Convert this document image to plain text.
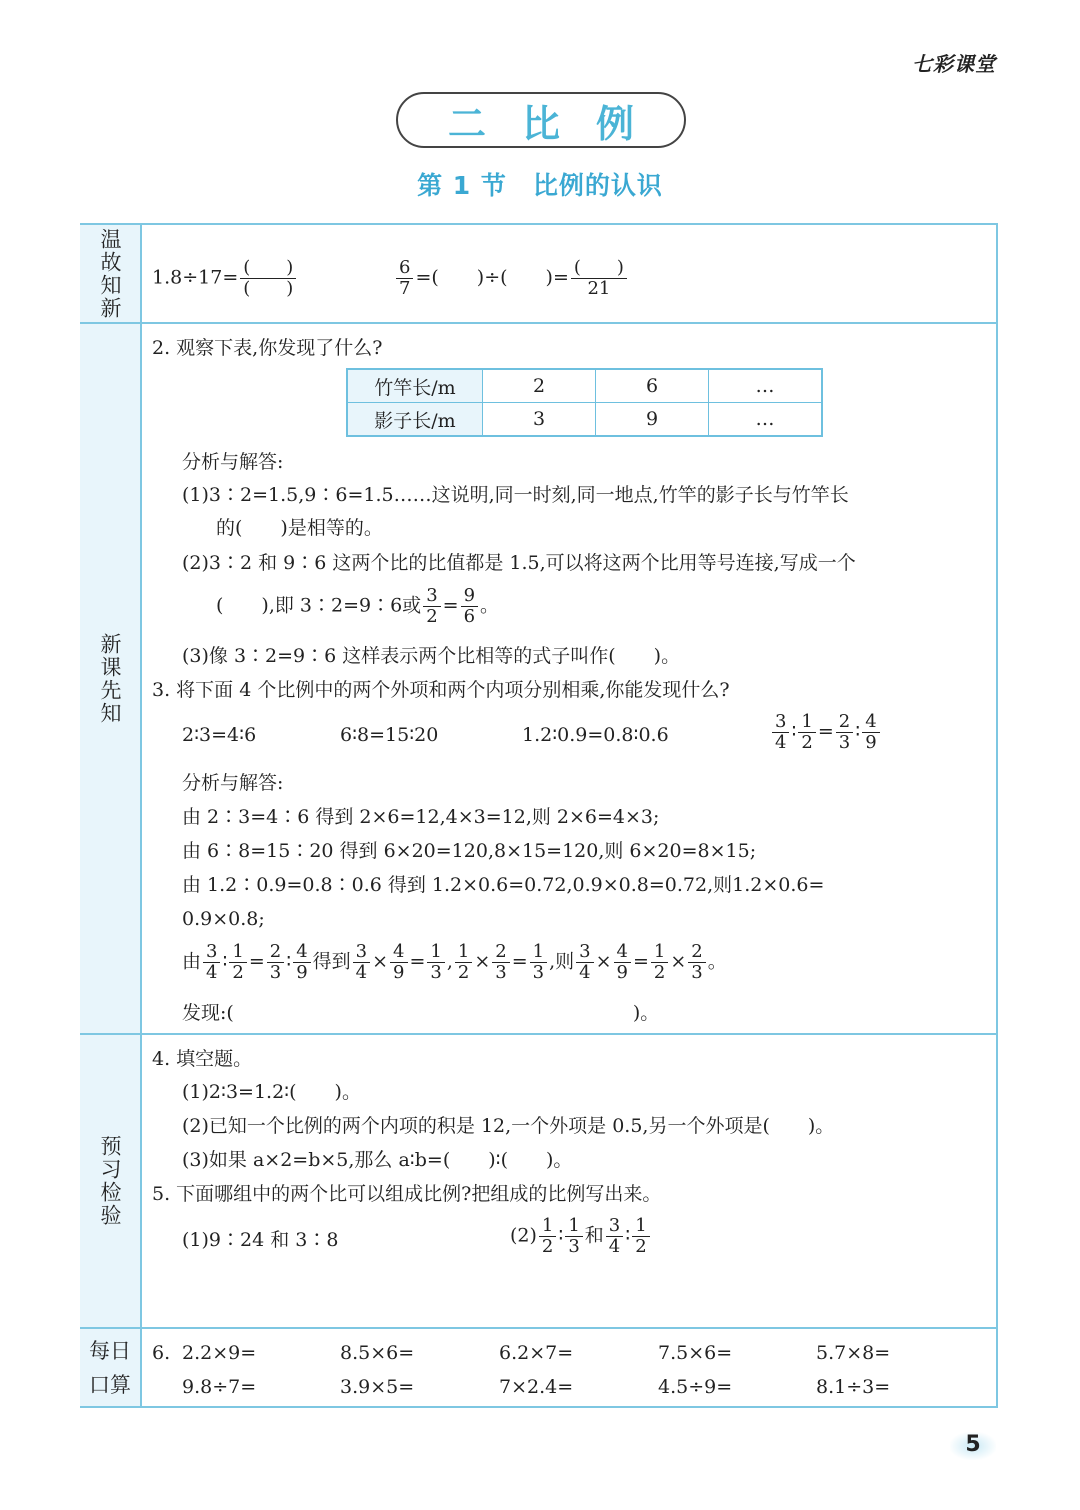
七彩课堂
二比例
第 1 节　比例的认识
温故知新
新课先知
预习检验
每日
口算
$1.8\div 17= \frac{( )}{( )}$	$\frac{6}{7}$ =(　　)÷(　　)= $\frac{( )}{21}$
2. 观察下表,你发现了什么?
竹竿长/m	2	6	…
影子长/m	3	9	…
分析与解答:
(1)3∶2=1.5,9∶6=1.5……这说明,同一时刻,同一地点,竹竿的影子长与竹竿长
的(　　)是相等的。
(2)3∶2 和 9∶6 这两个比的比值都是 1.5,可以将这两个比用等号连接,写成一个
(　　),即 3∶2=9∶6或 $\frac{3}{2} = \frac{9}{6}$ 。
(3)像 3∶2=9∶6 这样表示两个比相等的式子叫作(　　)。
3. 将下面 4 个比例中的两个外项和两个内项分别相乘,你能发现什么?
2∶3=4∶6	6∶8=15∶20	1.2∶0.9=0.8∶0.6	$\frac{3}{4}$ ∶ $\frac{1}{2} = \frac{2}{3}$ ∶ $\frac{4}{9}$
分析与解答:
由 2∶3=4∶6 得到 2×6=12,4×3=12,则 2×6=4×3;
由 6∶8=15∶20 得到 6×20=120,8×15=120,则 6×20=8×15;
由 1.2∶0.9=0.8∶0.6 得到 1.2×0.6=0.72,0.9×0.8=0.72,则1.2×0.6=
0.9×0.8;
由 $\frac{3}{4}$ ∶ $\frac{1}{2} = \frac{2}{3}$ ∶ $\frac{4}{9}$ 得到 $\frac{3}{4} \times \frac{4}{9} = \frac{1}{3}$ , $\frac{1}{2} \times \frac{2}{3} = \frac{1}{3}$ ,则 $\frac{3}{4} \times \frac{4}{9} = \frac{1}{2} \times \frac{2}{3}$ 。
发现:(　　　　　　　　　　　　　　　　　　　　　)。
4. 填空题。
(1)2∶3=1.2∶(　　)。
(2)已知一个比例的两个内项的积是 12,一个外项是 0.5,另一个外项是(　　)。
(3)如果 a×2=b×5,那么 a∶b=(　　)∶(　　)。
5. 下面哪组中的两个比可以组成比例?把组成的比例写出来。
(1)9∶24 和 3∶8	$(2) \frac{1}{2}$ ∶ $\frac{1}{3}$ 和 $\frac{3}{4}$ ∶ $\frac{1}{2}$
6. 2.2×9=	8.5×6=	6.2×7=	7.5×6=	5.7×8=
9.8÷7=	3.9×5=	7×2.4=	4.5÷9=	8.1÷3=
5
